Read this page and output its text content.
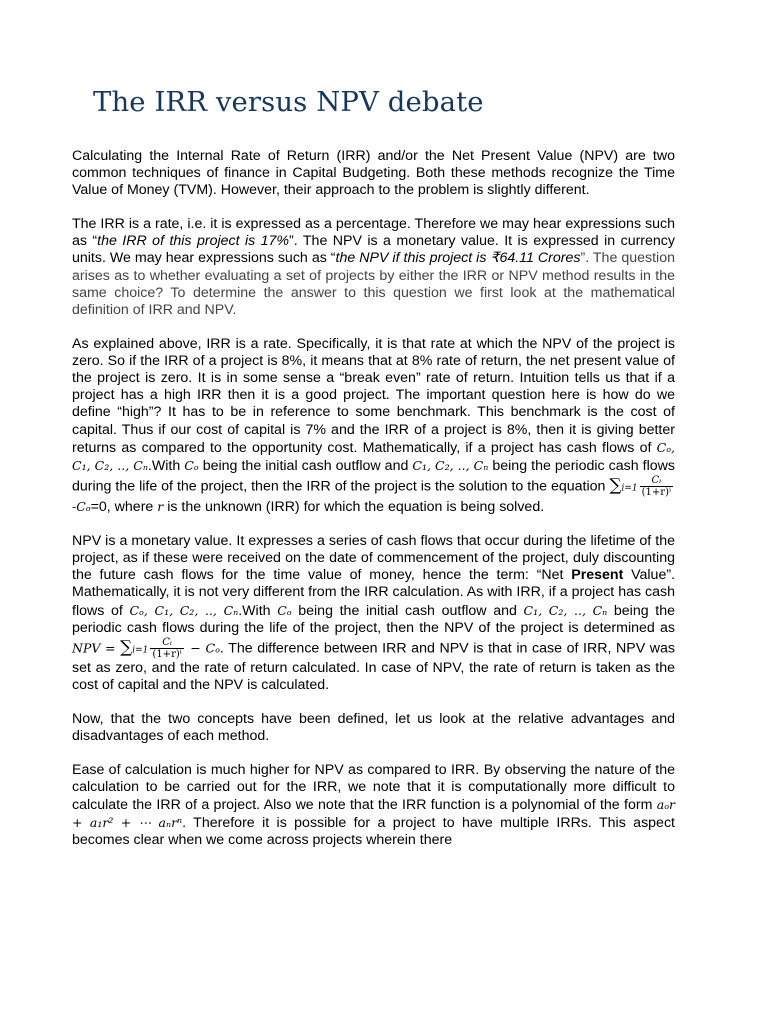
The IRR versus NPV debate

Calculating the Internal Rate of Return (IRR) and/or the Net Present Value (NPV) are two common techniques of finance in Capital Budgeting. Both these methods recognize the Time Value of Money (TVM). However, their approach to the problem is slightly different.

The IRR is a rate, i.e. it is expressed as a percentage. Therefore we may hear expressions such as “the IRR of this project is 17%”. The NPV is a monetary value. It is expressed in currency units. We may hear expressions such as “the NPV if this project is ₹64.11 Crores”. The question arises as to whether evaluating a set of projects by either the IRR or NPV method results in the same choice? To determine the answer to this question we first look at the mathematical definition of IRR and NPV.

As explained above, IRR is a rate. Specifically, it is that rate at which the NPV of the project is zero. So if the IRR of a project is 8%, it means that at 8% rate of return, the net present value of the project is zero. It is in some sense a “break even” rate of return. Intuition tells us that if a project has a high IRR then it is a good project. The important question here is how do we define “high”? It has to be in reference to some benchmark. This benchmark is the cost of capital. Thus if our cost of capital is 7% and the IRR of a project is 8%, then it is giving better returns as compared to the opportunity cost. Mathematically, if a project has cash flows of Cₒ, C₁, C₂, .., Cₙ.With Cₒ being the initial cash outflow and C₁, C₂, .., Cₙ being the periodic cash flows during the life of the project, then the IRR of the project is the solution to the equation $\sum i=1 \frac{\text{Cᵢ}}{\text{(1+r)ⁱ}}$
-Cₒ=0, where r is the unknown (IRR) for which the equation is being solved.

NPV is a monetary value. It expresses a series of cash flows that occur during the lifetime of the project, as if these were received on the date of commencement of the project, duly discounting the future cash flows for the time value of money, hence the term: “Net Present Value”. Mathematically, it is not very different from the IRR calculation. As with IRR, if a project has cash flows of Cₒ, C₁, C₂, .., Cₙ.With Cₒ being the initial cash outflow and C₁, C₂, .., Cₙ being the periodic cash flows during the life of the project, then the NPV of the project is determined as NPV = $\sum i=1 \frac{\text{Cᵢ}}{\text{(1+r)ⁱ}} - C_o$. The difference between IRR and NPV is that in case of IRR, NPV was set as zero, and the rate of return calculated. In case of NPV, the rate of return is taken as the cost of capital and the NPV is calculated.

Now, that the two concepts have been defined, let us look at the relative advantages and disadvantages of each method.

Ease of calculation is much higher for NPV as compared to IRR. By observing the nature of the calculation to be carried out for the IRR, we note that it is computationally more difficult to calculate the IRR of a project. Also we note that the IRR function is a polynomial of the form aₒr + a₁r² + ⋯ aₙrⁿ. Therefore it is possible for a project to have multiple IRRs. This aspect becomes clear when we come across projects wherein there
